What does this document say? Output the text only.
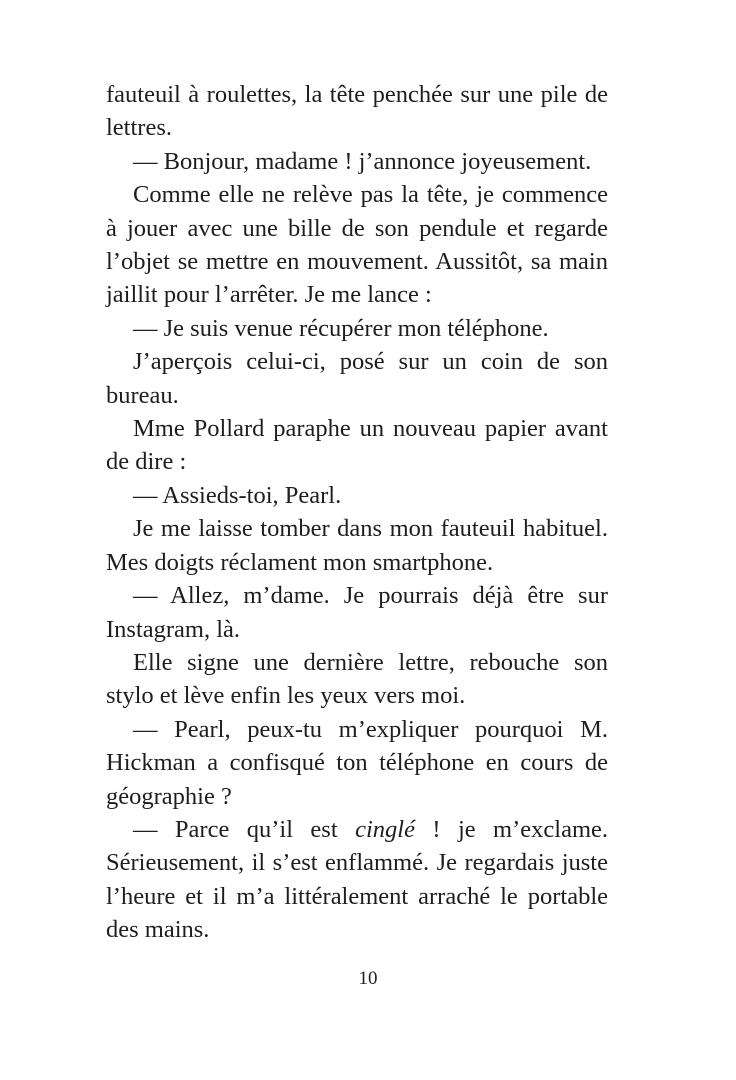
fauteuil à roulettes, la tête penchée sur une pile de lettres.

— Bonjour, madame ! j’annonce joyeusement.

Comme elle ne relève pas la tête, je commence à jouer avec une bille de son pendule et regarde l’objet se mettre en mouvement. Aussitôt, sa main jaillit pour l’arrêter. Je me lance :

— Je suis venue récupérer mon téléphone.

J’aperçois celui-ci, posé sur un coin de son bureau.

Mme Pollard paraphe un nouveau papier avant de dire :

— Assieds-toi, Pearl.

Je me laisse tomber dans mon fauteuil habituel. Mes doigts réclament mon smartphone.

— Allez, m’dame. Je pourrais déjà être sur Instagram, là.

Elle signe une dernière lettre, rebouche son stylo et lève enfin les yeux vers moi.

— Pearl, peux-tu m’expliquer pourquoi M. Hickman a confisqué ton téléphone en cours de géographie ?

— Parce qu’il est cinglé ! je m’exclame. Sérieusement, il s’est enflammé. Je regardais juste l’heure et il m’a littéralement arraché le portable des mains.

10
